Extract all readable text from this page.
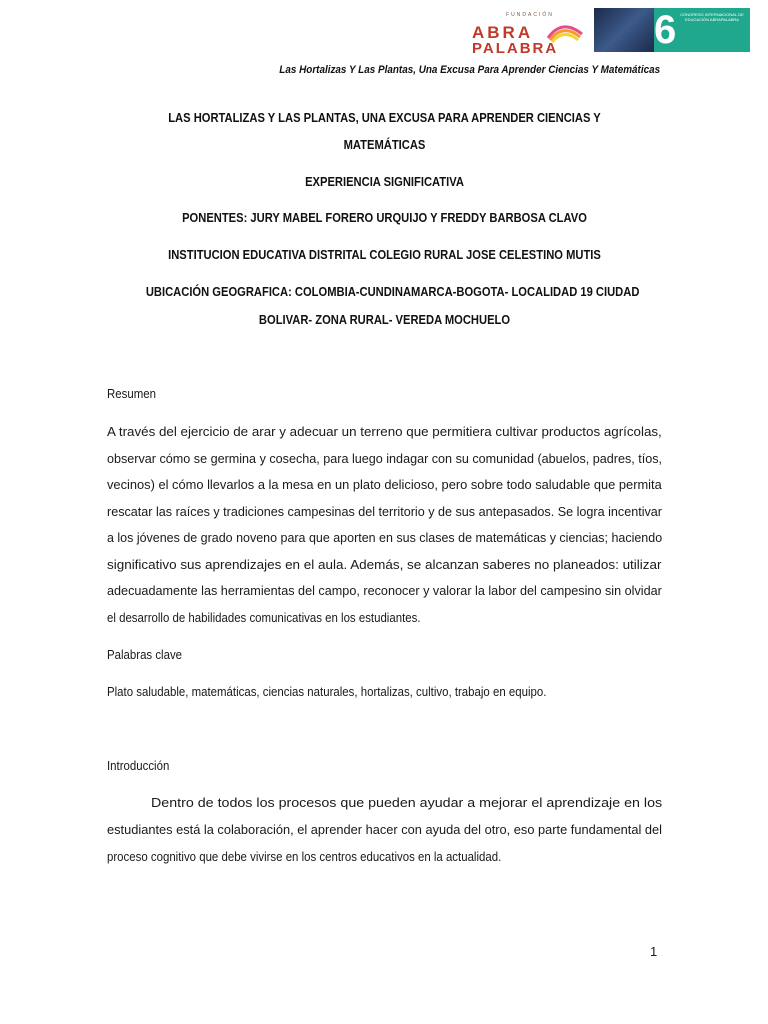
FUNDACIÓN
ABRA
PALABRA 6	CONGRESO INTERNACIONAL DE EDUCACIÓN ABRAPALABRA
Las Hortalizas Y Las Plantas, Una Excusa Para Aprender Ciencias Y Matemáticas
LAS HORTALIZAS Y LAS PLANTAS, UNA EXCUSA PARA APRENDER CIENCIAS Y
MATEMÁTICAS
EXPERIENCIA SIGNIFICATIVA
PONENTES: JURY MABEL FORERO URQUIJO Y FREDDY BARBOSA CLAVO
INSTITUCION EDUCATIVA DISTRITAL COLEGIO RURAL JOSE CELESTINO MUTIS
UBICACIÓN GEOGRAFICA: COLOMBIA-CUNDINAMARCA-BOGOTA- LOCALIDAD 19 CIUDAD
BOLIVAR- ZONA RURAL- VEREDA MOCHUELO
Resumen
A través del ejercicio de arar y adecuar un terreno que permitiera cultivar productos agrícolas,
observar cómo se germina y cosecha, para luego indagar con su comunidad (abuelos, padres, tíos,
vecinos) el cómo llevarlos a la mesa en un plato delicioso, pero sobre todo saludable que permita
rescatar las raíces y tradiciones campesinas del territorio y de sus antepasados. Se logra incentivar
a los jóvenes de grado noveno para que aporten en sus clases de matemáticas y ciencias; haciendo
significativo sus aprendizajes en el aula. Además, se alcanzan saberes no planeados: utilizar
adecuadamente las herramientas del campo, reconocer y valorar la labor del campesino sin olvidar
el desarrollo de habilidades comunicativas en los estudiantes.
Palabras clave
Plato saludable, matemáticas, ciencias naturales, hortalizas, cultivo, trabajo en equipo.
Introducción
Dentro de todos los procesos que pueden ayudar a mejorar el aprendizaje en los
estudiantes está la colaboración, el aprender hacer con ayuda del otro, eso parte fundamental del
proceso cognitivo que debe vivirse en los centros educativos en la actualidad.
1
